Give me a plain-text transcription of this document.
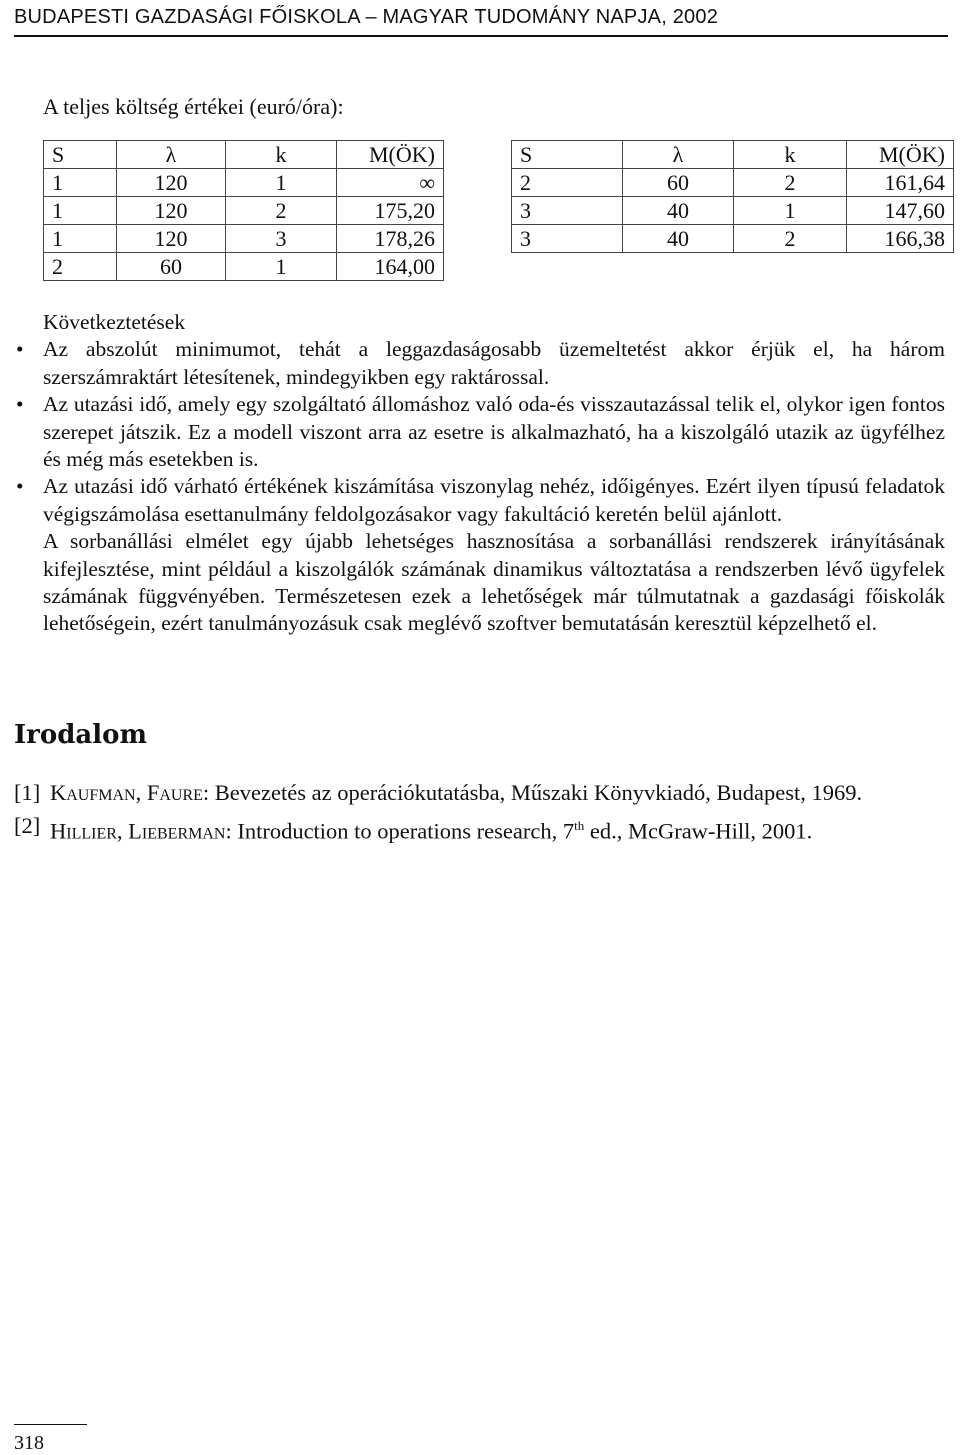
BUDAPESTI GAZDASÁGI FŐISKOLA – MAGYAR TUDOMÁNY NAPJA, 2002
A teljes költség értékei (euró/óra):
S	λ	k	M(ÖK)
1	120	1	∞
1	120	2	175,20
1	120	3	178,26
2	60	1	164,00
S	λ	k	M(ÖK)
2	60	2	161,64
3	40	1	147,60
3	40	2	166,38

Következtetések

• Az abszolút minimumot, tehát a leggazdaságosabb üzemeltetést akkor érjük el, ha három szerszámraktárt létesítenek, mindegyikben egy raktárossal.
• Az utazási idő, amely egy szolgáltató állomáshoz való oda-és visszautazással telik el, olykor igen fontos szerepet játszik. Ez a modell viszont arra az esetre is alkalmazható, ha a kiszolgáló utazik az ügyfélhez és még más esetekben is.
• Az utazási idő várható értékének kiszámítása viszonylag nehéz, időigényes. Ezért ilyen típusú feladatok végigszámolása esettanulmány feldolgozásakor vagy fakultáció keretén belül ajánlott.

A sorbanállási elmélet egy újabb lehetséges hasznosítása a sorbanállási rendszerek irányításának kifejlesztése, mint például a kiszolgálók számának dinamikus változtatása a rendszerben lévő ügyfelek számának függvényében. Természetesen ezek a lehetőségek már túlmutatnak a gazdasági főiskolák lehetőségein, ezért tanulmányozásuk csak meglévő szoftver bemutatásán keresztül képzelhető el.

Irodalom
[1] Kaufman, Faure: Bevezetés az operációkutatásba, Műszaki Könyvkiadó, Budapest, 1969.
[2] Hillier, Lieberman: Introduction to operations research, 7th ed., McGraw-Hill, 2001.
318
